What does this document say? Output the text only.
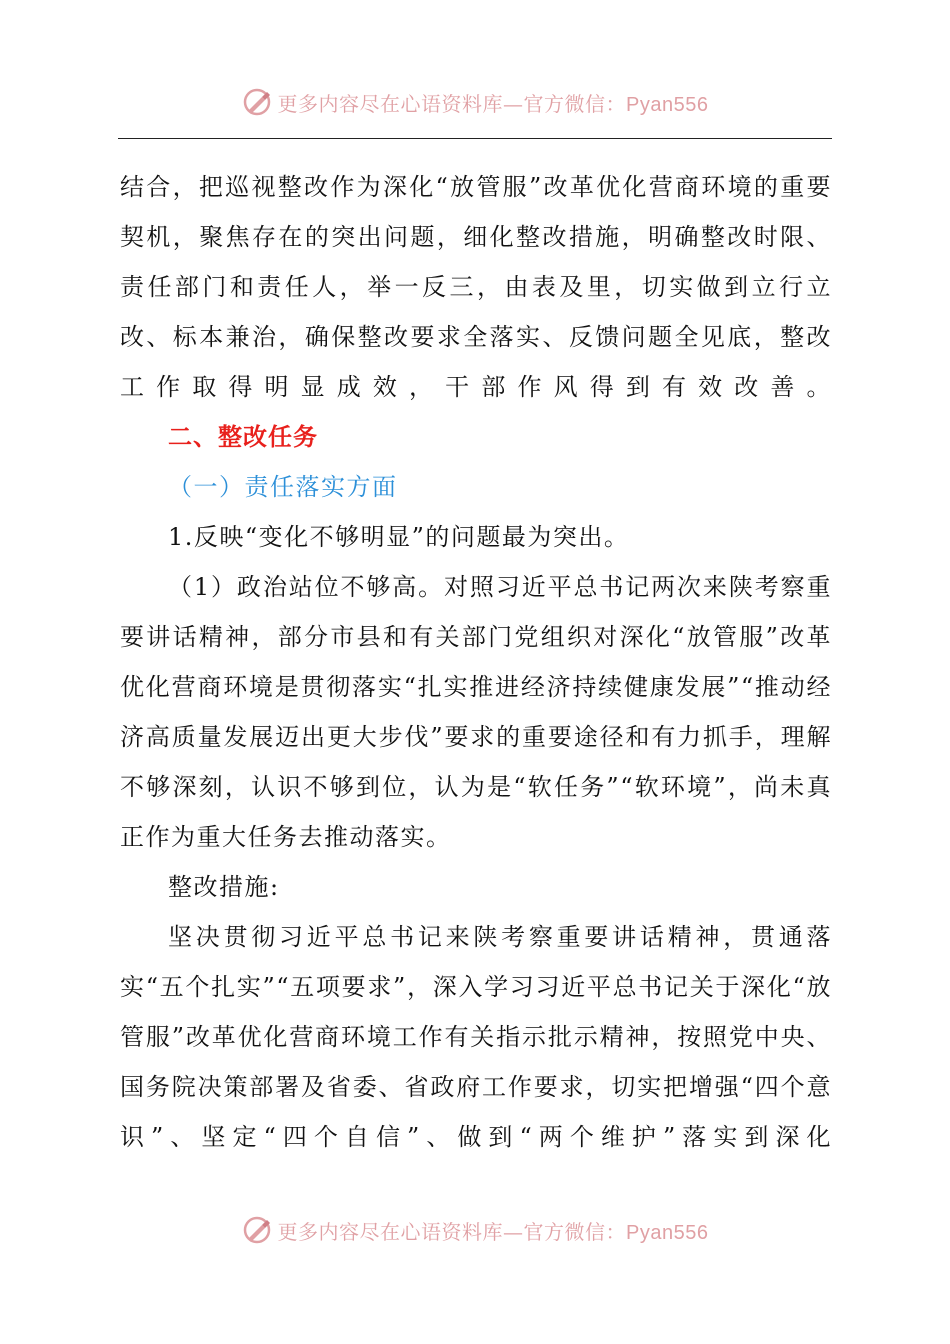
更多内容尽在心语资料库—官方微信：Pyan556

结合，把巡视整改作为深化“放管服”改革优化营商环境的重要契机，聚焦存在的突出问题，细化整改措施，明确整改时限、责任部门和责任人，举一反三，由表及里，切实做到立行立改、标本兼治，确保整改要求全落实、反馈问题全见底，整改工作取得明显成效，干部作风得到有效改善。

二、整改任务

（一）责任落实方面

1.反映“变化不够明显”的问题最为突出。

（1）政治站位不够高。对照习近平总书记两次来陕考察重要讲话精神，部分市县和有关部门党组织对深化“放管服”改革优化营商环境是贯彻落实“扎实推进经济持续健康发展”“推动经济高质量发展迈出更大步伐”要求的重要途径和有力抓手，理解不够深刻，认识不够到位，认为是“软任务”“软环境”，尚未真正作为重大任务去推动落实。

整改措施:

坚决贯彻习近平总书记来陕考察重要讲话精神，贯通落实“五个扎实”“五项要求”，深入学习习近平总书记关于深化“放管服”改革优化营商环境工作有关指示批示精神，按照党中央、国务院决策部署及省委、省政府工作要求，切实把增强“四个意识”、坚定“四个自信”、做到“两个维护”落实到深化

更多内容尽在心语资料库—官方微信：Pyan556
